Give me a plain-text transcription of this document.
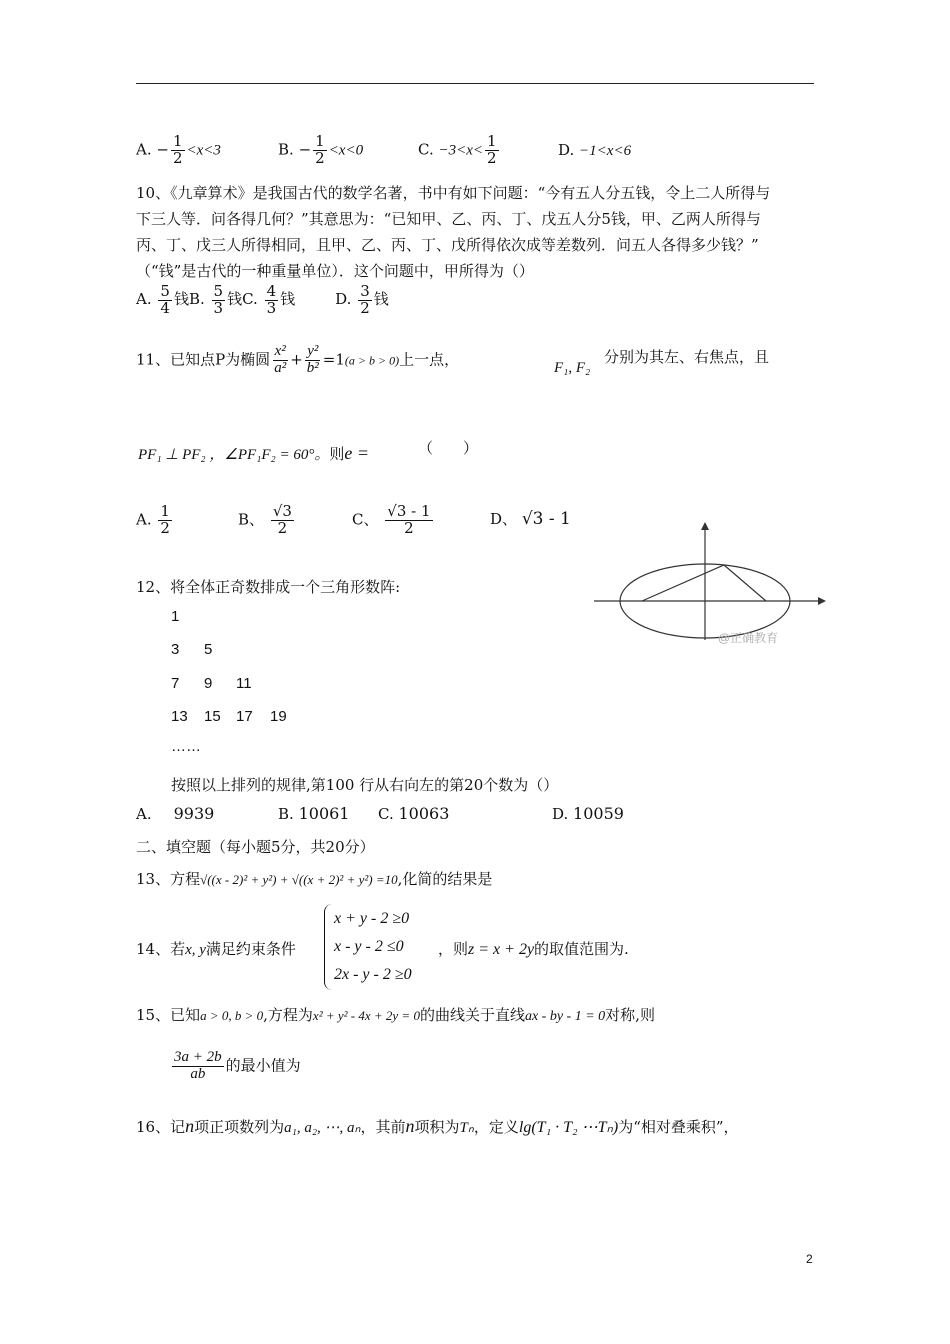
A. − $\frac{1}{2} <x<3$	B. − $\frac{1}{2} <x<0$	C. $-3<x< \frac{1}{2}$	D. −1<x<6
10、《九章算术》是我国古代的数学名著，书中有如下问题：“今有五人分五钱，令上二人所得与
下三人等．问各得几何？”其意思为：“已知甲、乙、丙、丁、戊五人分5钱，甲、乙两人所得与
丙、丁、戊三人所得相同，且甲、乙、丙、丁、戊所得依次成等差数列．问五人各得多少钱？”
（“钱”是古代的一种重量单位）．这个问题中，甲所得为（）
A. $\frac{5}{4}$ 钱B. $\frac{5}{3}$ 钱C. $\frac{4}{3}$ 钱	D. $\frac{3}{2}$ 钱
11、已知点P为椭圆 $\frac{\text{x²}}{\text{a²}} + \frac{\text{y²}}{\text{b²}} =1(a > b > 0)$上一点，	F₁, F₂
分别为其左、右焦点，且
PF₁ ⊥ PF₂ ，∠PF₁F₂ = 60°。则e =	（　　）
A. $\frac{1}{2}$	B、 $\frac{√3}{2}$	C、 $\frac{√3 - 1}{2}$	D、 √3 - 1
@正确教育
12、将全体正奇数排成一个三角形数阵:
1
3 5
7 9 11
13 15 17 19
……
按照以上排列的规律,第100 行从右向左的第20个数为（）
A. 9939	B. 10061 C. 10063	D. 10059
二、填空题（每小题5分，共20分）
13、方程√((x - 2)² + y²) + √((x + 2)² + y²) =10,化简的结果是
14、若x, y满足约束条件
x + y - 2 ≥0
x - y - 2 ≤0
2x - y - 2 ≥0
，则z = x + 2y的取值范围为.
15、已知a > 0, b > 0,方程为x² + y² - 4x + 2y = 0的曲线关于直线ax - by - 1 = 0对称,则
$\frac{3a + 2b}{ab}$ 的最小值为
16、记n项正项数列为a₁, a₂, ⋯, aₙ，其前n项积为Tₙ，定义lg(T₁ · T₂ ⋯Tₙ)为“相对叠乘积”，
2
